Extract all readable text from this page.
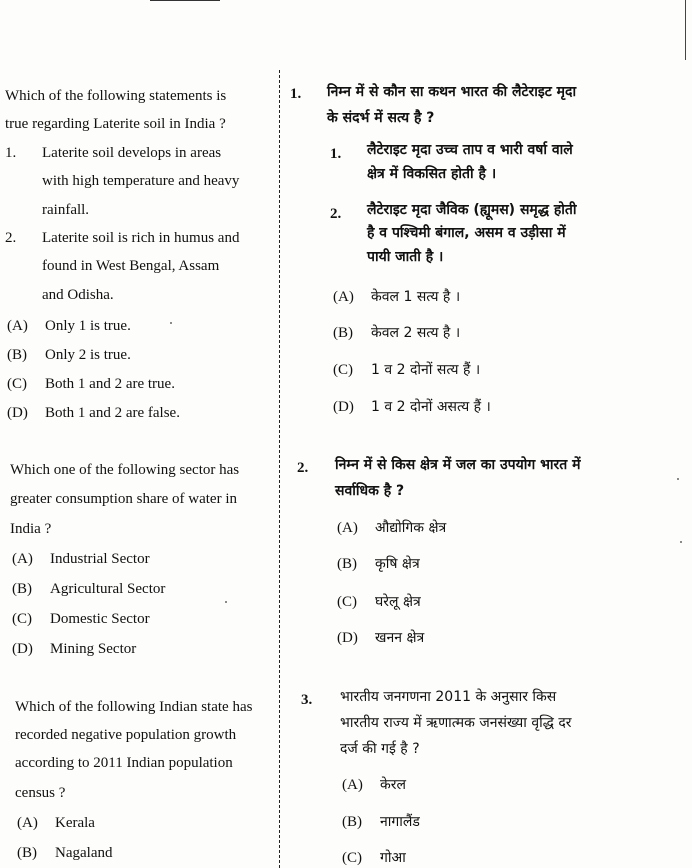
Which of the following statements is
true regarding Laterite soil in India ?
1. Laterite soil develops in areas
with high temperature and heavy
rainfall.
2. Laterite soil is rich in humus and
found in West Bengal, Assam
and Odisha.
(A) Only 1 is true.
(B) Only 2 is true.
(C) Both 1 and 2 are true.
(D) Both 1 and 2 are false.
Which one of the following sector has
greater consumption share of water in
India ?
(A) Industrial Sector
(B) Agricultural Sector
(C) Domestic Sector
(D) Mining Sector
Which of the following Indian state has
recorded negative population growth
according to 2011 Indian population
census ?
(A) Kerala
(B) Nagaland
1. निम्न में से कौन सा कथन भारत की लैटेराइट मृदा
के संदर्भ में सत्य है ?
1. लैटेराइट मृदा उच्च ताप व भारी वर्षा वाले
क्षेत्र में विकसित होती है ।
2. लैटेराइट मृदा जैविक (ह्यूमस) समृद्ध होती
है व पश्चिमी बंगाल, असम व उड़ीसा में
पायी जाती है ।
(A) केवल 1 सत्य है ।
(B) केवल 2 सत्य है ।
(C) 1 व 2 दोनों सत्य हैं ।
(D) 1 व 2 दोनों असत्य हैं ।
2. निम्न में से किस क्षेत्र में जल का उपयोग भारत में
सर्वाधिक है ?
(A) औद्योगिक क्षेत्र
(B) कृषि क्षेत्र
(C) घरेलू क्षेत्र
(D) खनन क्षेत्र
3. भारतीय जनगणना 2011 के अनुसार किस
भारतीय राज्य में ऋणात्मक जनसंख्या वृद्धि दर
दर्ज की गई है ?
(A) केरल
(B) नागालैंड
(C) गोआ
